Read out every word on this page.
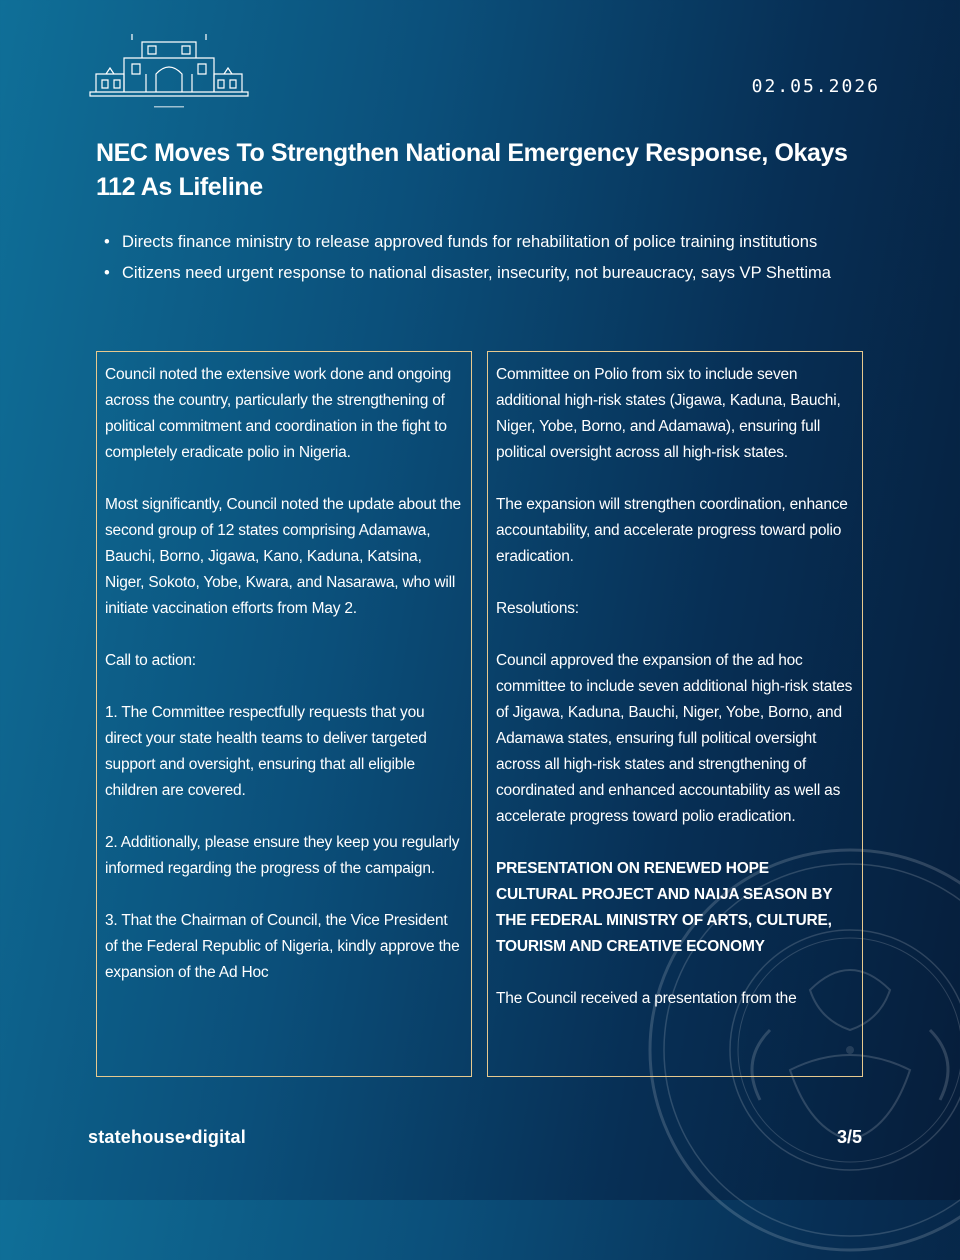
02.05.2026
NEC Moves To Strengthen National Emergency Response, Okays 112 As Lifeline
• Directs finance ministry to release approved funds for rehabilitation of police training institutions
• Citizens need urgent response to national disaster, insecurity, not bureaucracy, says VP Shettima

Council noted the extensive work done and ongoing across the country, particularly the strengthening of political commitment and coordination in the fight to completely eradicate polio in Nigeria.

Most significantly, Council noted the update about the second group of 12 states comprising Adamawa, Bauchi, Borno, Jigawa, Kano, Kaduna, Katsina, Niger, Sokoto, Yobe, Kwara, and Nasarawa, who will initiate vaccination efforts from May 2.

Call to action:

1. The Committee respectfully requests that you direct your state health teams to deliver targeted support and oversight, ensuring that all eligible children are covered.

2. Additionally, please ensure they keep you regularly informed regarding the progress of the campaign.

3. That the Chairman of Council, the Vice President of the Federal Republic of Nigeria, kindly approve the expansion of the Ad Hoc

Committee on Polio from six to include seven additional high-risk states (Jigawa, Kaduna, Bauchi, Niger, Yobe, Borno, and Adamawa), ensuring full political oversight across all high-risk states.

The expansion will strengthen coordination, enhance accountability, and accelerate progress toward polio eradication.

Resolutions:

Council approved the expansion of the ad hoc committee to include seven additional high-risk states of Jigawa, Kaduna, Bauchi, Niger, Yobe, Borno, and Adamawa states, ensuring full political oversight across all high-risk states and strengthening of coordinated and enhanced accountability as well as accelerate progress toward polio eradication.

PRESENTATION ON RENEWED HOPE CULTURAL PROJECT AND NAIJA SEASON BY THE FEDERAL MINISTRY OF ARTS, CULTURE, TOURISM AND CREATIVE ECONOMY

The Council received a presentation from the

statehouse•digital	3/5
